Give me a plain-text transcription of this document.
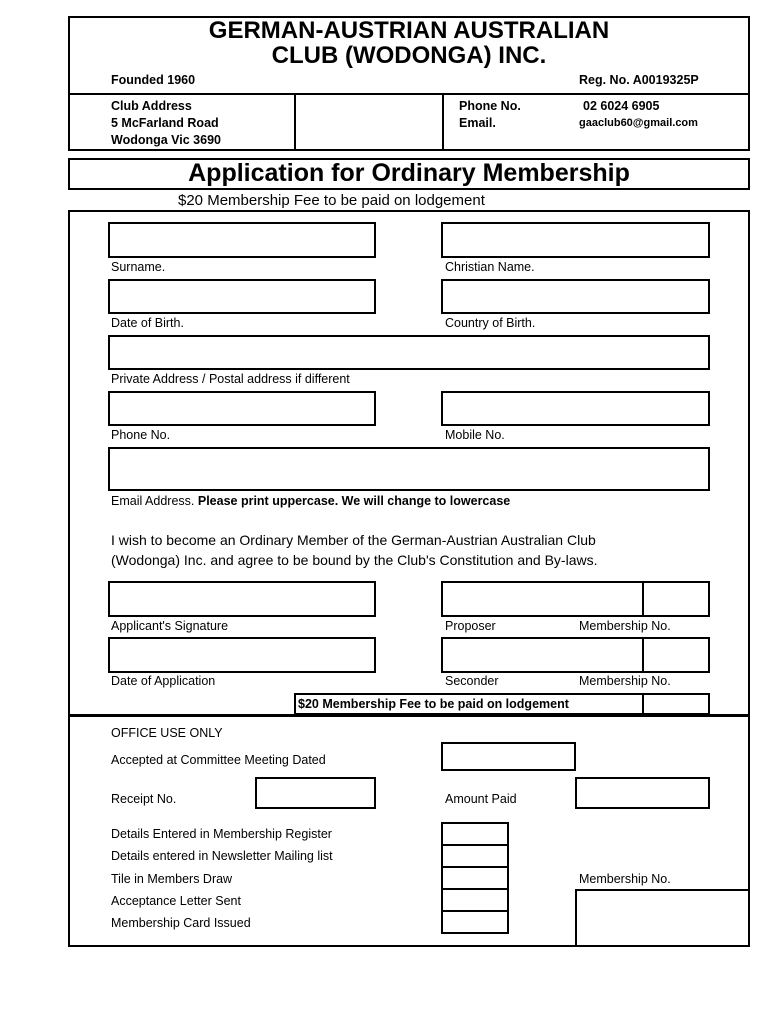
GERMAN-AUSTRIAN AUSTRALIAN
CLUB (WODONGA) INC.
Founded 1960	Reg. No. A0019325P
Club Address
5 McFarland Road
Wodonga Vic 3690
Phone No.	02 6024 6905
Email.	gaaclub60@gmail.com
Application for Ordinary Membership
$20 Membership Fee to be paid on lodgement
Surname.	Christian Name.
Date of Birth.	Country of Birth.
Private Address / Postal address if different
Phone No.	Mobile No.
Email Address. Please print uppercase. We will change to lowercase
I wish to become an Ordinary Member of the German-Austrian Australian Club
(Wodonga) Inc. and agree to be bound by the Club's Constitution and By-laws.
Applicant's Signature	Proposer	Membership No.
Date of Application	Seconder	Membership No.
$20 Membership Fee to be paid on lodgement
OFFICE USE ONLY
Accepted at Committee Meeting Dated
Receipt No.	Amount Paid
Details Entered in Membership Register
Details entered in Newsletter Mailing list
Tile in Members Draw
Acceptance Letter Sent
Membership Card Issued
Membership No.
